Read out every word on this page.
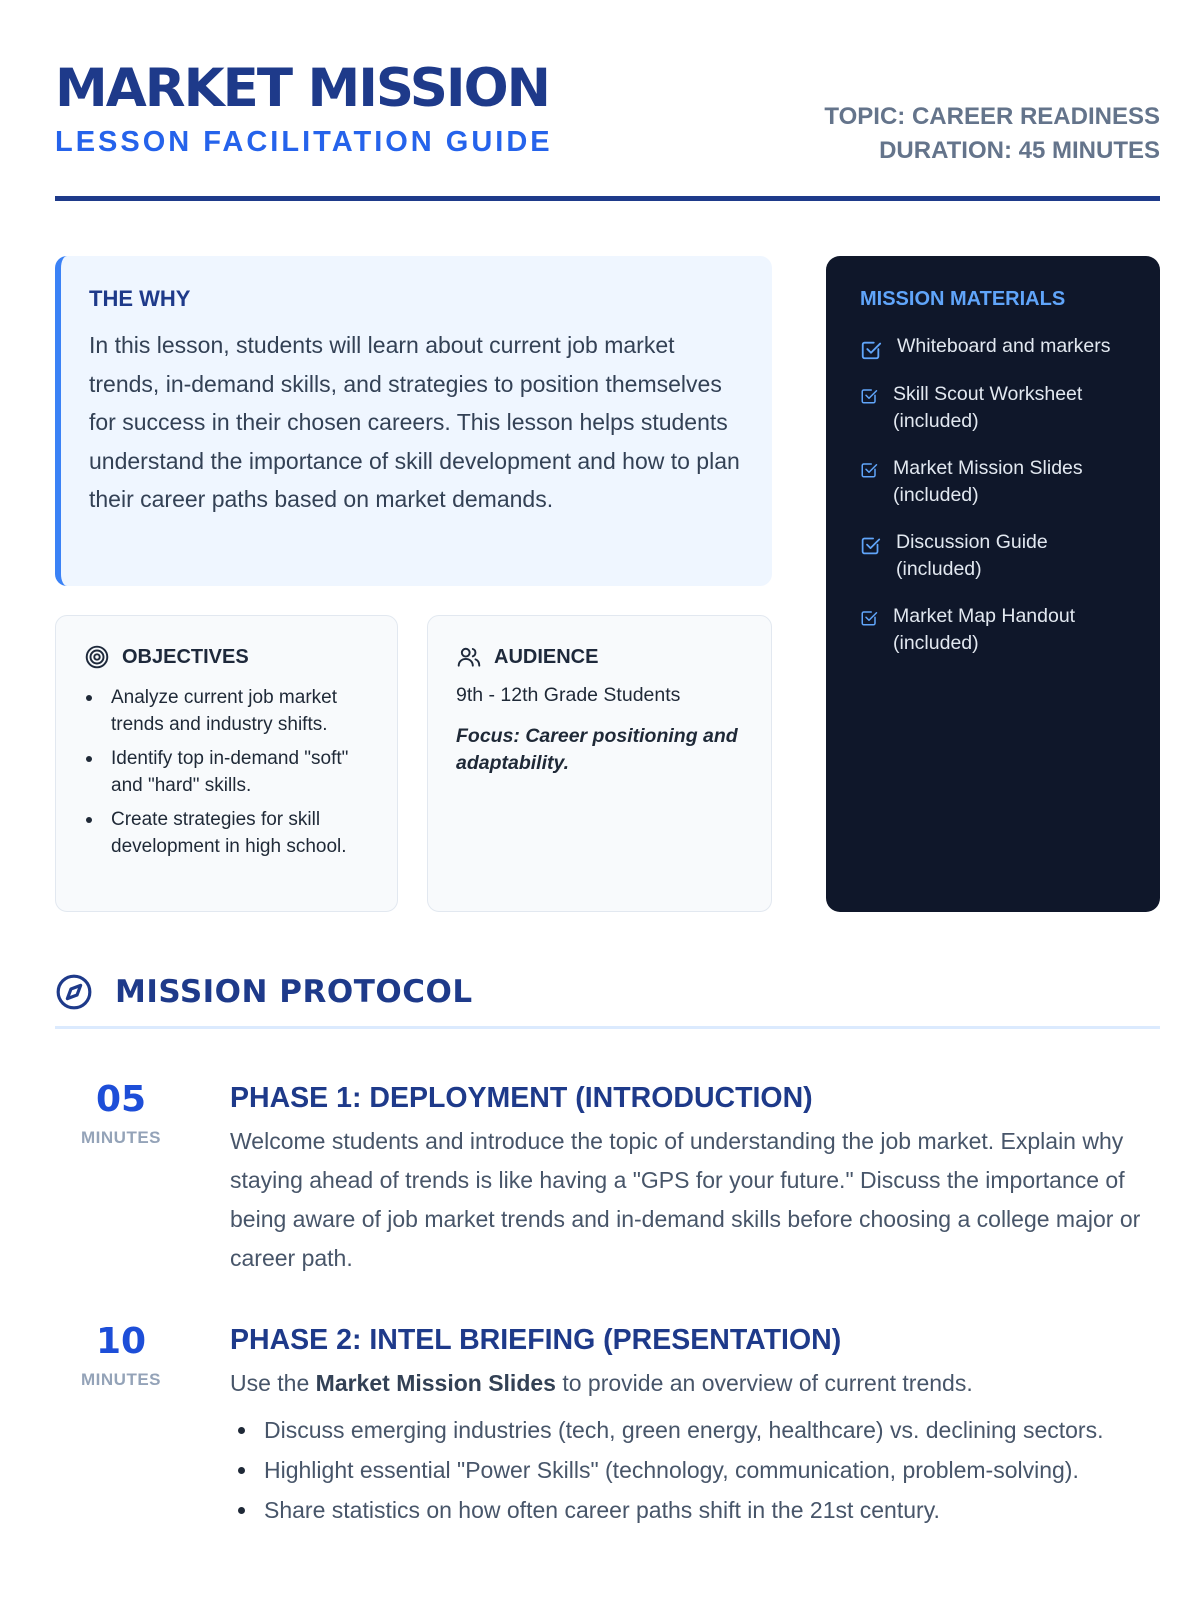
MARKET MISSION
LESSON FACILITATION GUIDE
TOPIC: CAREER READINESS
DURATION: 45 MINUTES
THE WHY
In this lesson, students will learn about current job market trends, in-demand skills, and strategies to position themselves for success in their chosen careers. This lesson helps students understand the importance of skill development and how to plan their career paths based on market demands.
OBJECTIVES
Analyze current job market trends and industry shifts.
Identify top in-demand "soft" and "hard" skills.
Create strategies for skill development in high school.
AUDIENCE
9th - 12th Grade Students
Focus: Career positioning and adaptability.
MISSION MATERIALS
Whiteboard and markers
Skill Scout Worksheet (included)
Market Mission Slides (included)
Discussion Guide (included)
Market Map Handout (included)
MISSION PROTOCOL
05
MINUTES
PHASE 1: DEPLOYMENT (INTRODUCTION)
Welcome students and introduce the topic of understanding the job market. Explain why staying ahead of trends is like having a "GPS for your future." Discuss the importance of being aware of job market trends and in-demand skills before choosing a college major or career path.
10
MINUTES
PHASE 2: INTEL BRIEFING (PRESENTATION)
Use the Market Mission Slides to provide an overview of current trends.
Discuss emerging industries (tech, green energy, healthcare) vs. declining sectors.
Highlight essential "Power Skills" (technology, communication, problem-solving).
Share statistics on how often career paths shift in the 21st century.
